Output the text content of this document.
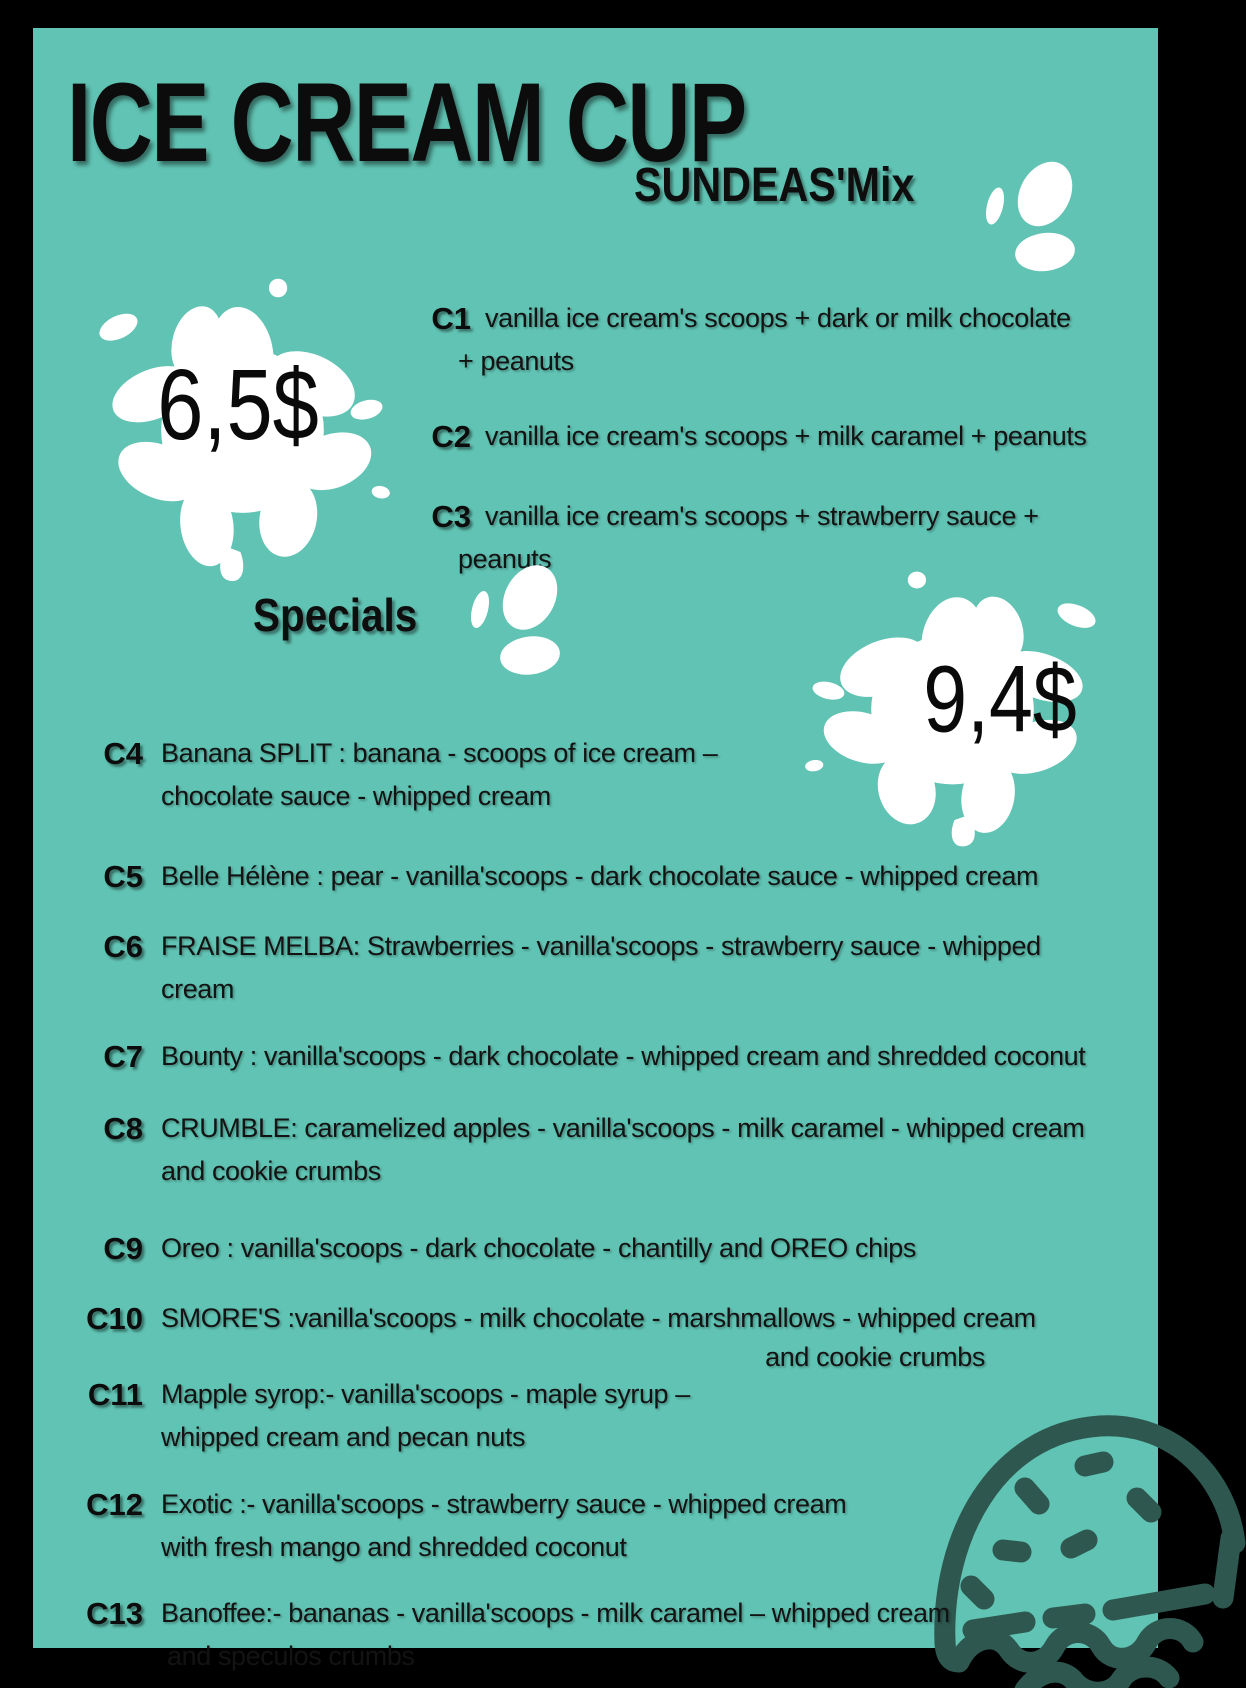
ICE CREAM CUP
SUNDEAS'Mix
6,5$
C1 vanilla ice cream's scoops + dark or milk chocolate
+ peanuts
C2 vanilla ice cream's scoops + milk caramel + peanuts
C3 vanilla ice cream's scoops + strawberry sauce +
peanuts
Specials
9,4$
C4 Banana SPLIT : banana - scoops of ice cream –
chocolate sauce - whipped cream
C5 Belle Hélène : pear - vanilla'scoops - dark chocolate sauce - whipped cream
C6 FRAISE MELBA: Strawberries - vanilla'scoops - strawberry sauce - whipped
cream
C7 Bounty : vanilla'scoops - dark chocolate - whipped cream and shredded coconut
C8 CRUMBLE: caramelized apples - vanilla'scoops - milk caramel - whipped cream
and cookie crumbs
C9 Oreo : vanilla'scoops - dark chocolate - chantilly and OREO chips
C10 SMORE'S :vanilla'scoops - milk chocolate - marshmallows - whipped cream
and cookie crumbs
C11 Mapple syrop:- vanilla'scoops - maple syrup –
whipped cream and pecan nuts
C12 Exotic :- vanilla'scoops - strawberry sauce - whipped cream
with fresh mango and shredded coconut
C13 Banoffee:- bananas - vanilla'scoops - milk caramel – whipped cream
and speculos crumbs
